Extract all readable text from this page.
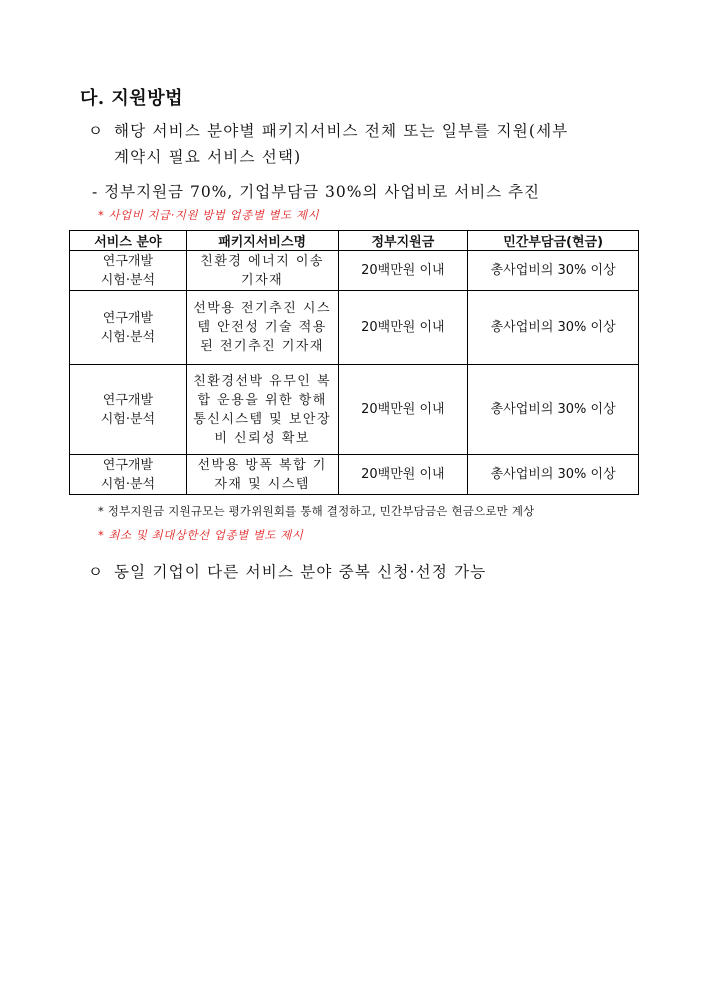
다. 지원방법
ㅇ 해당 서비스 분야별 패키지서비스 전체 또는 일부를 지원(세부
계약시 필요 서비스 선택)
- 정부지원금 70%, 기업부담금 30%의 사업비로 서비스 추진
* 사업비 지급·지원 방법 업종별 별도 제시
서비스 분야	패키지서비스명	정부지원금	민간부담금(현금)

연구개발
시험·분석	친환경 에너지 이송 기자재	20백만원 이내	총사업비의 30% 이상

연구개발
시험·분석	선박용 전기추진 시스템 안전성 기술 적용된 전기추진 기자재	20백만원 이내	총사업비의 30% 이상

연구개발
시험·분석	친환경선박 유무인 복합 운용을 위한 항해통신시스템 및 보안장비 신뢰성 확보	20백만원 이내	총사업비의 30% 이상

연구개발
시험·분석	선박용 방폭 복합 기자재 및 시스템	20백만원 이내	총사업비의 30% 이상
* 정부지원금 지원규모는 평가위원회를 통해 결정하고, 민간부담금은 현금으로만 계상
* 최소 및 최대상한선 업종별 별도 제시
ㅇ 동일 기업이 다른 서비스 분야 중복 신청·선정 가능
